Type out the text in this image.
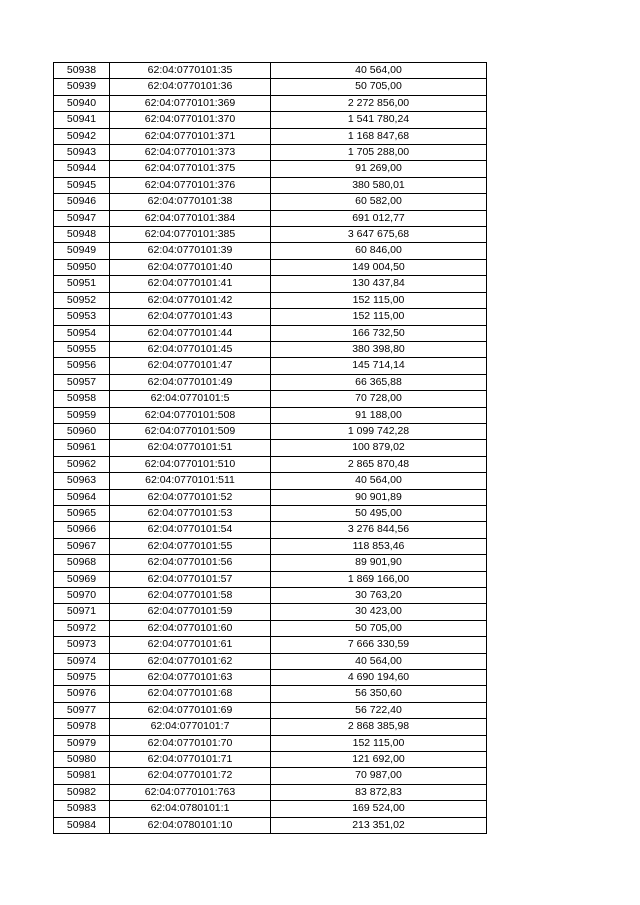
50938	62:04:0770101:35	40 564,00
50939	62:04:0770101:36	50 705,00
50940	62:04:0770101:369	2 272 856,00
50941	62:04:0770101:370	1 541 780,24
50942	62:04:0770101:371	1 168 847,68
50943	62:04:0770101:373	1 705 288,00
50944	62:04:0770101:375	91 269,00
50945	62:04:0770101:376	380 580,01
50946	62:04:0770101:38	60 582,00
50947	62:04:0770101:384	691 012,77
50948	62:04:0770101:385	3 647 675,68
50949	62:04:0770101:39	60 846,00
50950	62:04:0770101:40	149 004,50
50951	62:04:0770101:41	130 437,84
50952	62:04:0770101:42	152 115,00
50953	62:04:0770101:43	152 115,00
50954	62:04:0770101:44	166 732,50
50955	62:04:0770101:45	380 398,80
50956	62:04:0770101:47	145 714,14
50957	62:04:0770101:49	66 365,88
50958	62:04:0770101:5	70 728,00
50959	62:04:0770101:508	91 188,00
50960	62:04:0770101:509	1 099 742,28
50961	62:04:0770101:51	100 879,02
50962	62:04:0770101:510	2 865 870,48
50963	62:04:0770101:511	40 564,00
50964	62:04:0770101:52	90 901,89
50965	62:04:0770101:53	50 495,00
50966	62:04:0770101:54	3 276 844,56
50967	62:04:0770101:55	118 853,46
50968	62:04:0770101:56	89 901,90
50969	62:04:0770101:57	1 869 166,00
50970	62:04:0770101:58	30 763,20
50971	62:04:0770101:59	30 423,00
50972	62:04:0770101:60	50 705,00
50973	62:04:0770101:61	7 666 330,59
50974	62:04:0770101:62	40 564,00
50975	62:04:0770101:63	4 690 194,60
50976	62:04:0770101:68	56 350,60
50977	62:04:0770101:69	56 722,40
50978	62:04:0770101:7	2 868 385,98
50979	62:04:0770101:70	152 115,00
50980	62:04:0770101:71	121 692,00
50981	62:04:0770101:72	70 987,00
50982	62:04:0770101:763	83 872,83
50983	62:04:0780101:1	169 524,00
50984	62:04:0780101:10	213 351,02
